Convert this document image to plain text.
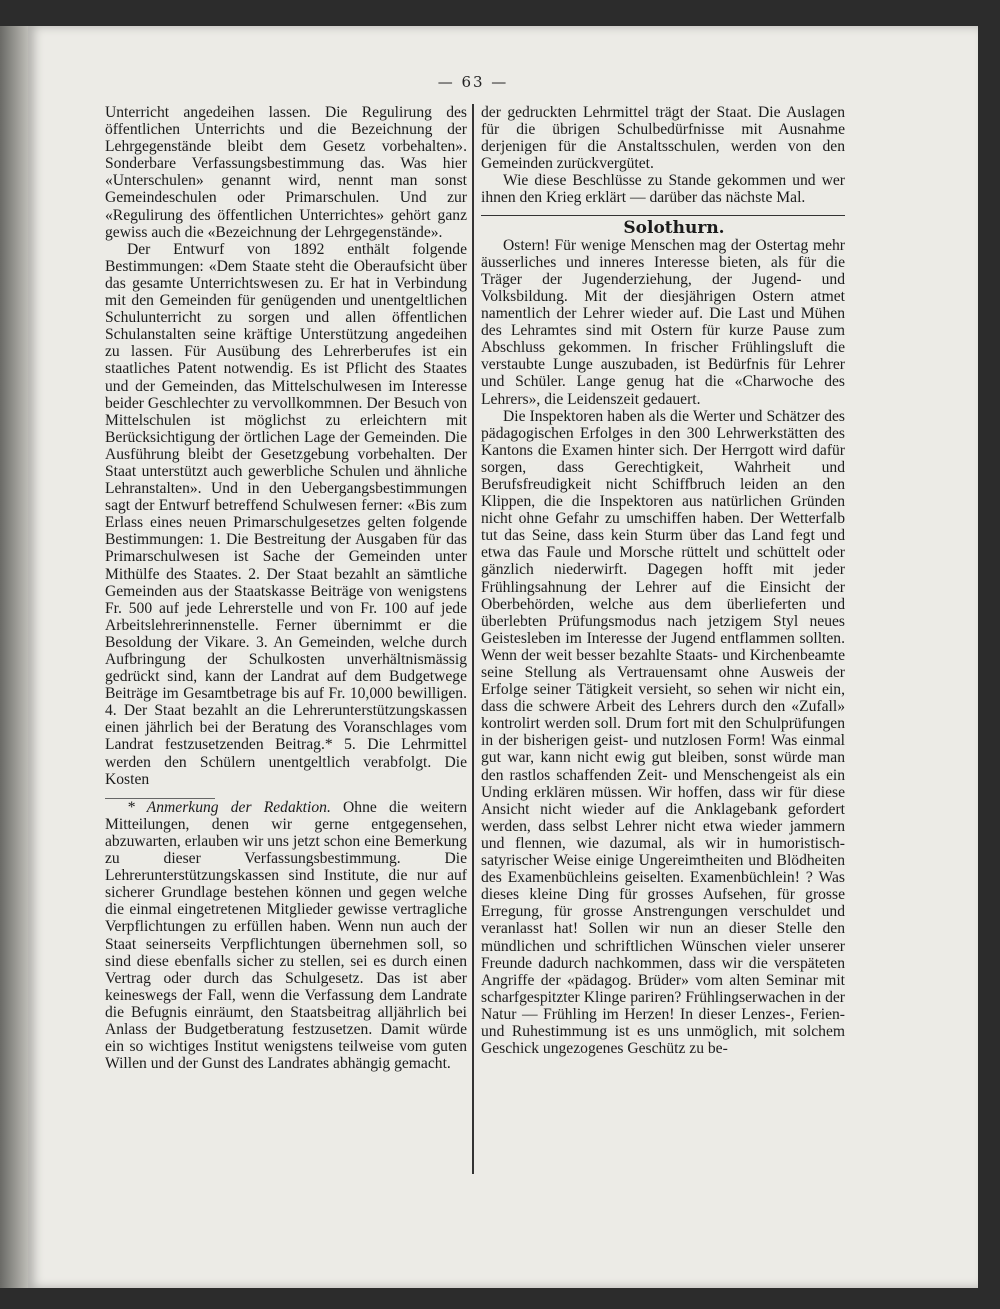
— 63 —

Unterricht angedeihen lassen. Die Regulirung des öffentlichen Unterrichts und die Bezeichnung der Lehrgegenstände bleibt dem Gesetz vorbehalten». Sonderbare Verfassungsbestimmung das. Was hier «Unterschulen» genannt wird, nennt man sonst Gemeindeschulen oder Primarschulen. Und zur «Regulirung des öffentlichen Unterrichtes» gehört ganz gewiss auch die «Bezeichnung der Lehrgegenstände».

Der Entwurf von 1892 enthält folgende Bestimmungen: «Dem Staate steht die Oberaufsicht über das gesamte Unterrichtswesen zu. Er hat in Verbindung mit den Gemeinden für genügenden und unentgeltlichen Schulunterricht zu sorgen und allen öffentlichen Schulanstalten seine kräftige Unterstützung angedeihen zu lassen. Für Ausübung des Lehrerberufes ist ein staatliches Patent notwendig. Es ist Pflicht des Staates und der Gemeinden, das Mittelschulwesen im Interesse beider Geschlechter zu vervollkommnen. Der Besuch von Mittelschulen ist möglichst zu erleichtern mit Berücksichtigung der örtlichen Lage der Gemeinden. Die Ausführung bleibt der Gesetzgebung vorbehalten. Der Staat unterstützt auch gewerbliche Schulen und ähnliche Lehranstalten». Und in den Uebergangsbestimmungen sagt der Entwurf betreffend Schulwesen ferner: «Bis zum Erlass eines neuen Primarschulgesetzes gelten folgende Bestimmungen: 1. Die Bestreitung der Ausgaben für das Primarschulwesen ist Sache der Gemeinden unter Mithülfe des Staates. 2. Der Staat bezahlt an sämtliche Gemeinden aus der Staatskasse Beiträge von wenigstens Fr. 500 auf jede Lehrerstelle und von Fr. 100 auf jede Arbeitslehrerinnenstelle. Ferner übernimmt er die Besoldung der Vikare. 3. An Gemeinden, welche durch Aufbringung der Schulkosten unverhältnismässig gedrückt sind, kann der Landrat auf dem Budgetwege Beiträge im Gesamtbetrage bis auf Fr. 10,000 bewilligen. 4. Der Staat bezahlt an die Lehrerunterstützungskassen einen jährlich bei der Beratung des Voranschlages vom Landrat festzusetzenden Beitrag.* 5. Die Lehrmittel werden den Schülern unentgeltlich verabfolgt. Die Kosten

* Anmerkung der Redaktion. Ohne die weitern Mitteilungen, denen wir gerne entgegensehen, abzuwarten, erlauben wir uns jetzt schon eine Bemerkung zu dieser Verfassungsbestimmung. Die Lehrerunterstützungskassen sind Institute, die nur auf sicherer Grundlage bestehen können und gegen welche die einmal eingetretenen Mitglieder gewisse vertragliche Verpflichtungen zu erfüllen haben. Wenn nun auch der Staat seinerseits Verpflichtungen übernehmen soll, so sind diese ebenfalls sicher zu stellen, sei es durch einen Vertrag oder durch das Schulgesetz. Das ist aber keineswegs der Fall, wenn die Verfassung dem Landrate die Befugnis einräumt, den Staatsbeitrag alljährlich bei Anlass der Budgetberatung festzusetzen. Damit würde ein so wichtiges Institut wenigstens teilweise vom guten Willen und der Gunst des Landrates abhängig gemacht.

der gedruckten Lehrmittel trägt der Staat. Die Auslagen für die übrigen Schulbedürfnisse mit Ausnahme derjenigen für die Anstaltsschulen, werden von den Gemeinden zurückvergütet.

Wie diese Beschlüsse zu Stande gekommen und wer ihnen den Krieg erklärt — darüber das nächste Mal.

Solothurn.

Ostern! Für wenige Menschen mag der Ostertag mehr äusserliches und inneres Interesse bieten, als für die Träger der Jugenderziehung, der Jugend- und Volksbildung. Mit der diesjährigen Ostern atmet namentlich der Lehrer wieder auf. Die Last und Mühen des Lehramtes sind mit Ostern für kurze Pause zum Abschluss gekommen. In frischer Frühlingsluft die verstaubte Lunge auszubaden, ist Bedürfnis für Lehrer und Schüler. Lange genug hat die «Charwoche des Lehrers», die Leidenszeit gedauert.

Die Inspektoren haben als die Werter und Schätzer des pädagogischen Erfolges in den 300 Lehrwerkstätten des Kantons die Examen hinter sich. Der Herrgott wird dafür sorgen, dass Gerechtigkeit, Wahrheit und Berufsfreudigkeit nicht Schiffbruch leiden an den Klippen, die die Inspektoren aus natürlichen Gründen nicht ohne Gefahr zu umschiffen haben. Der Wetterfalb tut das Seine, dass kein Sturm über das Land fegt und etwa das Faule und Morsche rüttelt und schüttelt oder gänzlich niederwirft. Dagegen hofft mit jeder Frühlingsahnung der Lehrer auf die Einsicht der Oberbehörden, welche aus dem überlieferten und überlebten Prüfungsmodus nach jetzigem Styl neues Geistesleben im Interesse der Jugend entflammen sollten. Wenn der weit besser bezahlte Staats- und Kirchenbeamte seine Stellung als Vertrauensamt ohne Ausweis der Erfolge seiner Tätigkeit versieht, so sehen wir nicht ein, dass die schwere Arbeit des Lehrers durch den «Zufall» kontrolirt werden soll. Drum fort mit den Schulprüfungen in der bisherigen geist- und nutzlosen Form! Was einmal gut war, kann nicht ewig gut bleiben, sonst würde man den rastlos schaffenden Zeit- und Menschengeist als ein Unding erklären müssen. Wir hoffen, dass wir für diese Ansicht nicht wieder auf die Anklagebank gefordert werden, dass selbst Lehrer nicht etwa wieder jammern und flennen, wie dazumal, als wir in humoristisch-satyrischer Weise einige Ungereimtheiten und Blödheiten des Examenbüchleins geiselten. Examenbüchlein! ? Was dieses kleine Ding für grosses Aufsehen, für grosse Erregung, für grosse Anstrengungen verschuldet und veranlasst hat! Sollen wir nun an dieser Stelle den mündlichen und schriftlichen Wünschen vieler unserer Freunde dadurch nachkommen, dass wir die verspäteten Angriffe der «pädagog. Brüder» vom alten Seminar mit scharfgespitzter Klinge pariren? Frühlingserwachen in der Natur — Frühling im Herzen! In dieser Lenzes-, Ferien- und Ruhestimmung ist es uns unmöglich, mit solchem Geschick ungezogenes Geschütz zu be-
